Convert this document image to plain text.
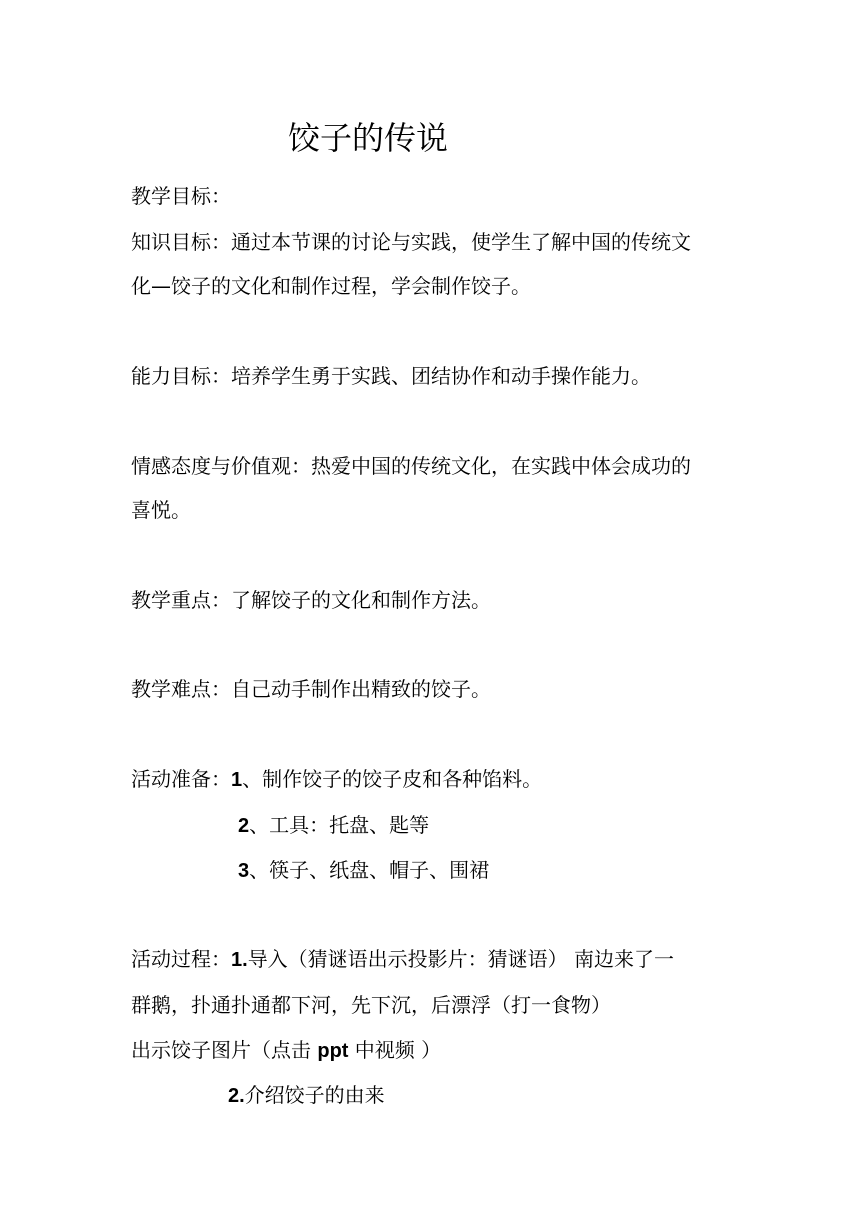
饺子的传说
教学目标：
知识目标：通过本节课的讨论与实践，使学生了解中国的传统文
化—饺子的文化和制作过程，学会制作饺子。
能力目标：培养学生勇于实践、团结协作和动手操作能力。
情感态度与价值观：热爱中国的传统文化，在实践中体会成功的
喜悦。
教学重点：了解饺子的文化和制作方法。
教学难点：自己动手制作出精致的饺子。
活动准备：1、制作饺子的饺子皮和各种馅料。
2、工具：托盘、匙等
3、筷子、纸盘、帽子、围裙
活动过程：1.导入（猜谜语出示投影片：猜谜语） 南边来了一
群鹅，扑通扑通都下河，先下沉，后漂浮（打一食物）
出示饺子图片（点击 ppt 中视频 ）
2.介绍饺子的由来
